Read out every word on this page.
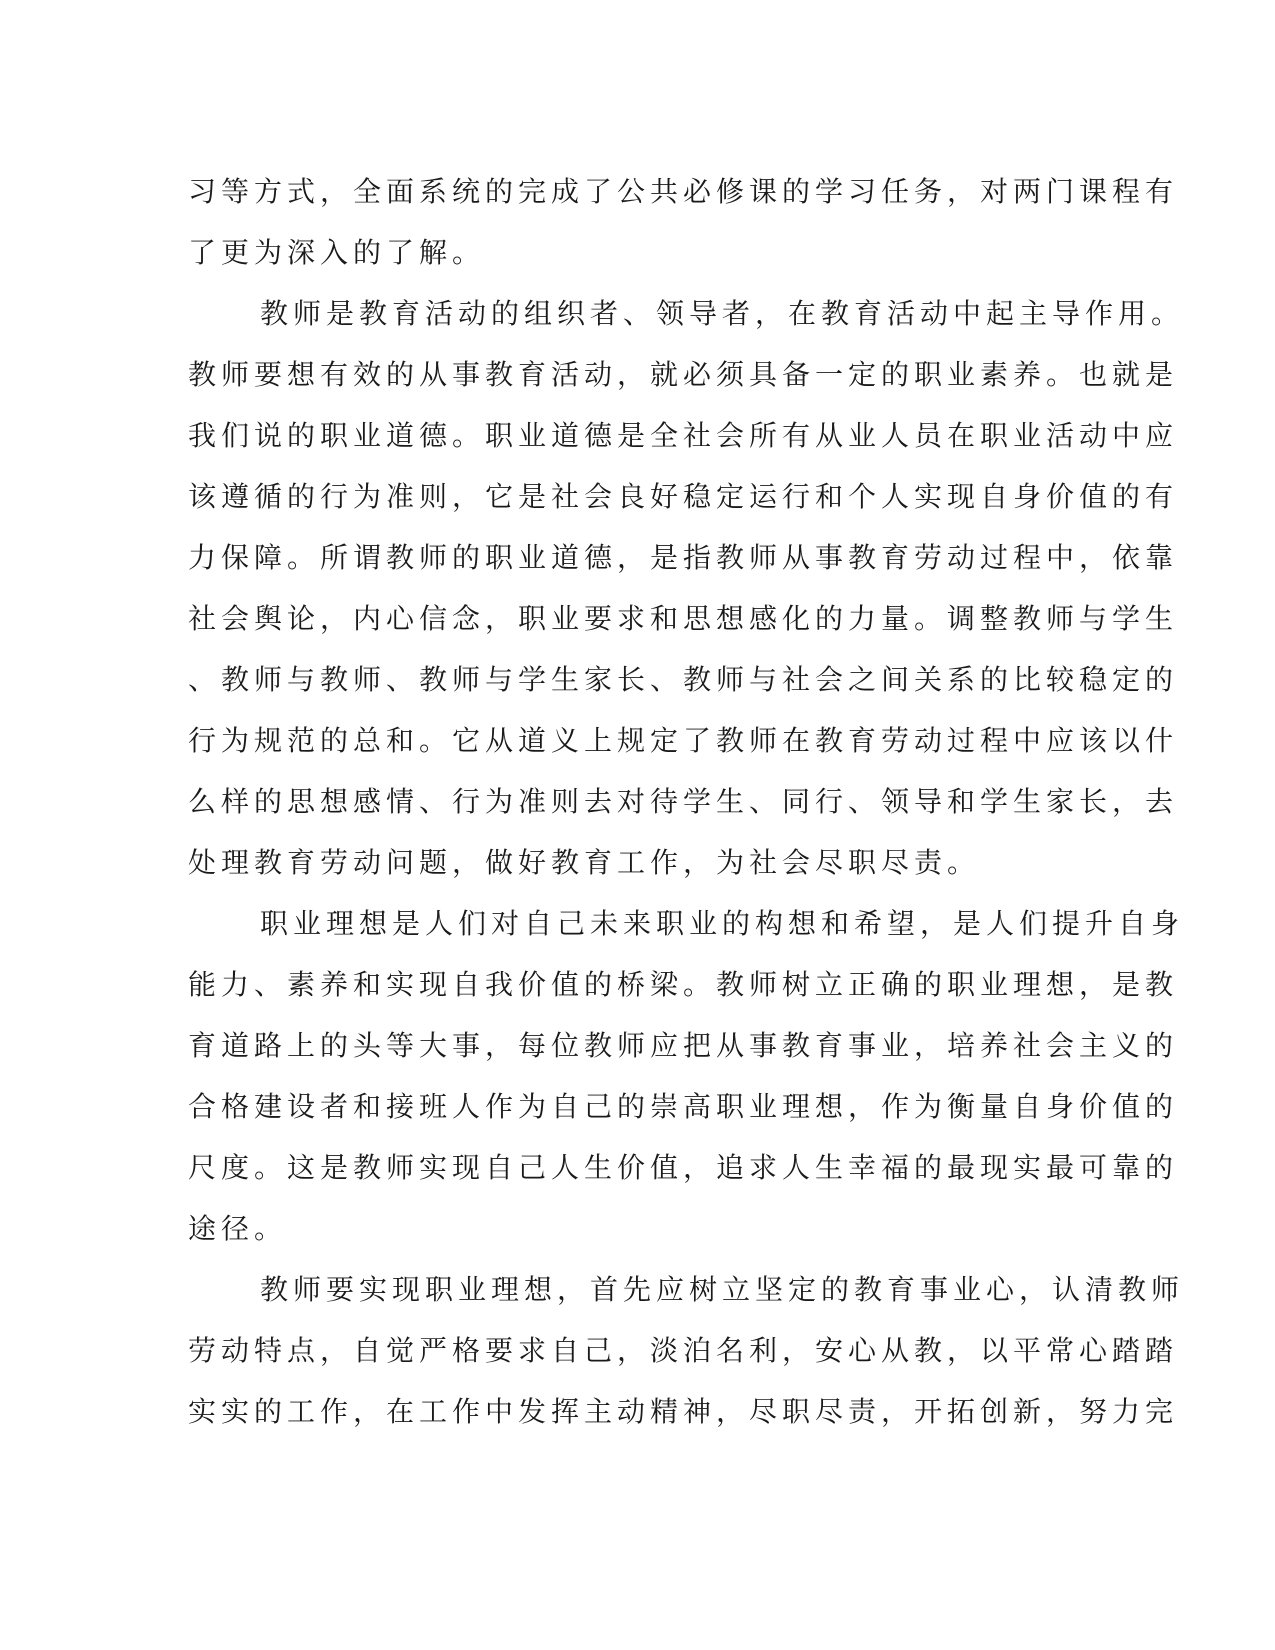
习等方式，全面系统的完成了公共必修课的学习任务，对两门课程有
了更为深入的了解。
教师是教育活动的组织者、领导者，在教育活动中起主导作用。
教师要想有效的从事教育活动，就必须具备一定的职业素养。也就是
我们说的职业道德。职业道德是全社会所有从业人员在职业活动中应
该遵循的行为准则，它是社会良好稳定运行和个人实现自身价值的有
力保障。所谓教师的职业道德，是指教师从事教育劳动过程中，依靠
社会舆论，内心信念，职业要求和思想感化的力量。调整教师与学生
、教师与教师、教师与学生家长、教师与社会之间关系的比较稳定的
行为规范的总和。它从道义上规定了教师在教育劳动过程中应该以什
么样的思想感情、行为准则去对待学生、同行、领导和学生家长，去
处理教育劳动问题，做好教育工作，为社会尽职尽责。
职业理想是人们对自己未来职业的构想和希望，是人们提升自身
能力、素养和实现自我价值的桥梁。教师树立正确的职业理想，是教
育道路上的头等大事，每位教师应把从事教育事业，培养社会主义的
合格建设者和接班人作为自己的崇高职业理想，作为衡量自身价值的
尺度。这是教师实现自己人生价值，追求人生幸福的最现实最可靠的
途径。
教师要实现职业理想，首先应树立坚定的教育事业心，认清教师
劳动特点，自觉严格要求自己，淡泊名利，安心从教，以平常心踏踏
实实的工作，在工作中发挥主动精神，尽职尽责，开拓创新，努力完
